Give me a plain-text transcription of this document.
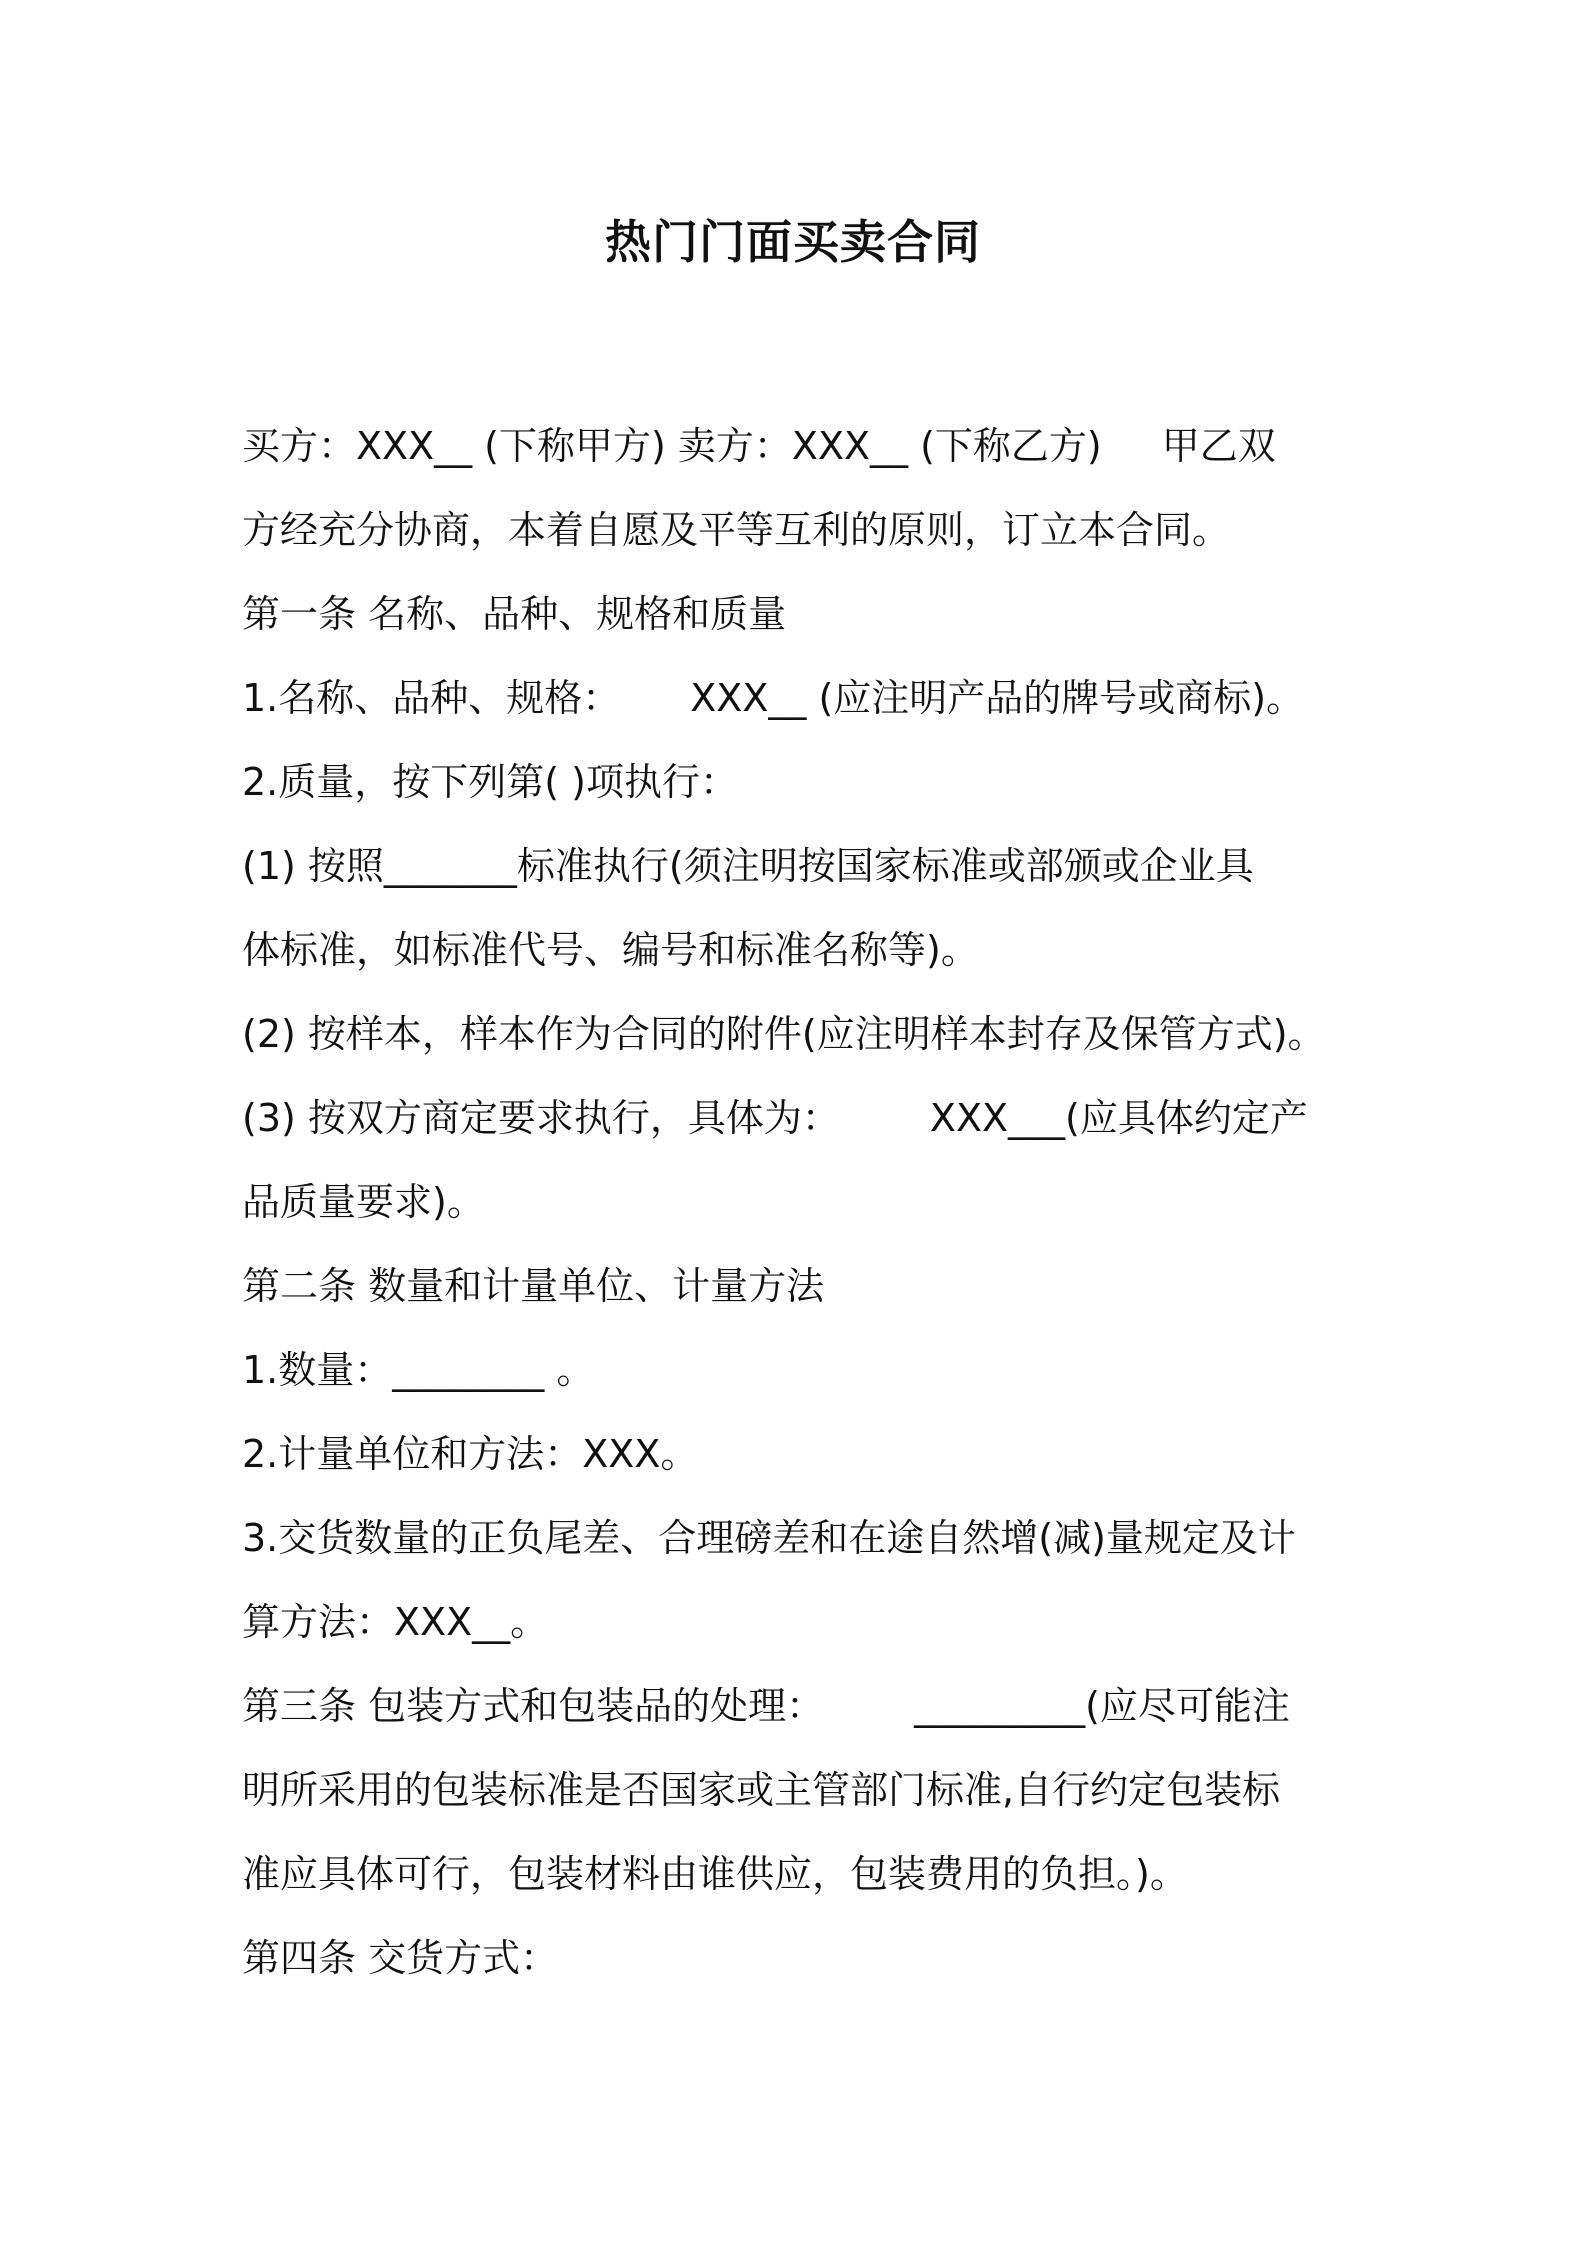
热门门面买卖合同
买方：XXX__ (下称甲方) 卖方：XXX__ (下称乙方) 甲乙双
方经充分协商，本着自愿及平等互利的原则，订立本合同。
第一条 名称、品种、规格和质量
1.名称、品种、规格： XXX__ (应注明产品的牌号或商标)。
2.质量，按下列第( )项执行：
(1) 按照_______标准执行(须注明按国家标准或部颁或企业具
体标准，如标准代号、编号和标准名称等)。
(2) 按样本，样本作为合同的附件(应注明样本封存及保管方式)。
(3) 按双方商定要求执行，具体为： XXX___(应具体约定产
品质量要求)。
第二条 数量和计量单位、计量方法
1.数量：________ 。
2.计量单位和方法：XXX。
3.交货数量的正负尾差、合理磅差和在途自然增(减)量规定及计
算方法：XXX__。
第三条 包装方式和包装品的处理： _________(应尽可能注
明所采用的包装标准是否国家或主管部门标准,自行约定包装标
准应具体可行，包装材料由谁供应，包装费用的负担。)。
第四条 交货方式：
